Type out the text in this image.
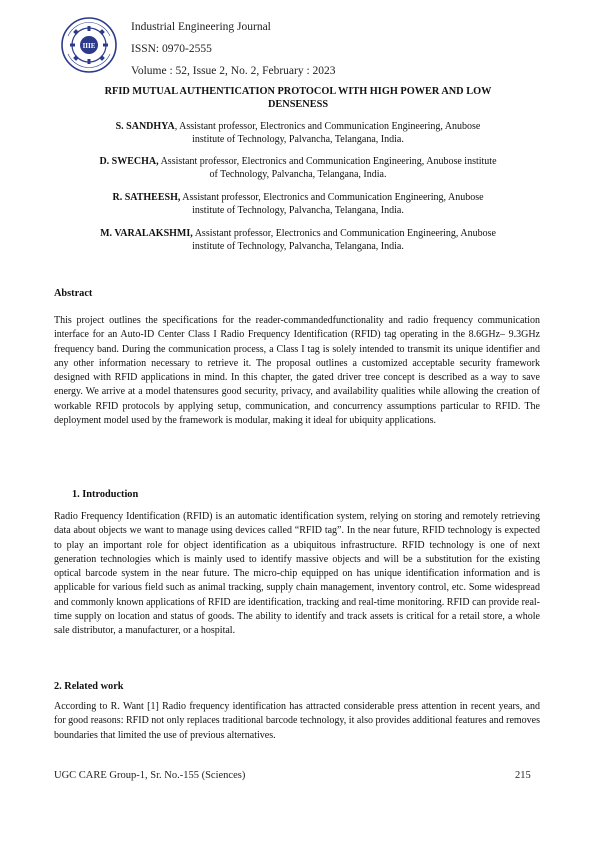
IIIE
Industrial Engineering Journal
ISSN: 0970-2555
Volume : 52, Issue 2, No. 2, February : 2023
RFID MUTUAL AUTHENTICATION PROTOCOL WITH HIGH POWER AND LOW
DENSENESS
S. SANDHYA, Assistant professor, Electronics and Communication Engineering, Anubose
institute of Technology, Palvancha, Telangana, India.
D. SWECHA, Assistant professor, Electronics and Communication Engineering, Anubose institute
of Technology, Palvancha, Telangana, India.
R. SATHEESH, Assistant professor, Electronics and Communication Engineering, Anubose
institute of Technology, Palvancha, Telangana, India.
M. VARALAKSHMI, Assistant professor, Electronics and Communication Engineering, Anubose
institute of Technology, Palvancha, Telangana, India.
Abstract

This project outlines the specifications for the reader-commandedfunctionality and radio frequency communication interface for an Auto-ID Center Class I Radio Frequency Identification (RFID) tag operating in the 8.6GHz– 9.3GHz frequency band. During the communication process, a Class I tag is solely intended to transmit its unique identifier and any other information necessary to retrieve it. The proposal outlines a customized acceptable security framework designed with RFID applications in mind. In this chapter, the gated driver tree concept is described as a way to save energy. We arrive at a model thatensures good security, privacy, and availability qualities while allowing the creation of workable RFID protocols by applying setup, communication, and concurrency assumptions particular to RFID. The deployment model used by the framework is modular, making it ideal for ubiquity applications.

1. Introduction

Radio Frequency Identification (RFID) is an automatic identification system, relying on storing and remotely retrieving data about objects we want to manage using devices called “RFID tag”. In the near future, RFID technology is expected to play an important role for object identification as a ubiquitous infrastructure. RFID technology is one of next generation technologies which is mainly used to identify massive objects and will be a substitution for the existing optical barcode system in the near future. The micro-chip equipped on has unique identification information and is applicable for various field such as animal tracking, supply chain management, inventory control, etc. Some widespread and commonly known applications of RFID are identification, tracking and real-time monitoring. RFID can provide real-time supply on location and status of goods. The ability to identify and track assets is critical for a retail store, a whole sale distributor, a manufacturer, or a hospital.

2. Related work

According to R. Want [1] Radio frequency identification has attracted considerable press attention in recent years, and for good reasons: RFID not only replaces traditional barcode technology, it also provides additional features and removes boundaries that limited the use of previous alternatives.

UGC CARE Group-1, Sr. No.-155 (Sciences)	215
